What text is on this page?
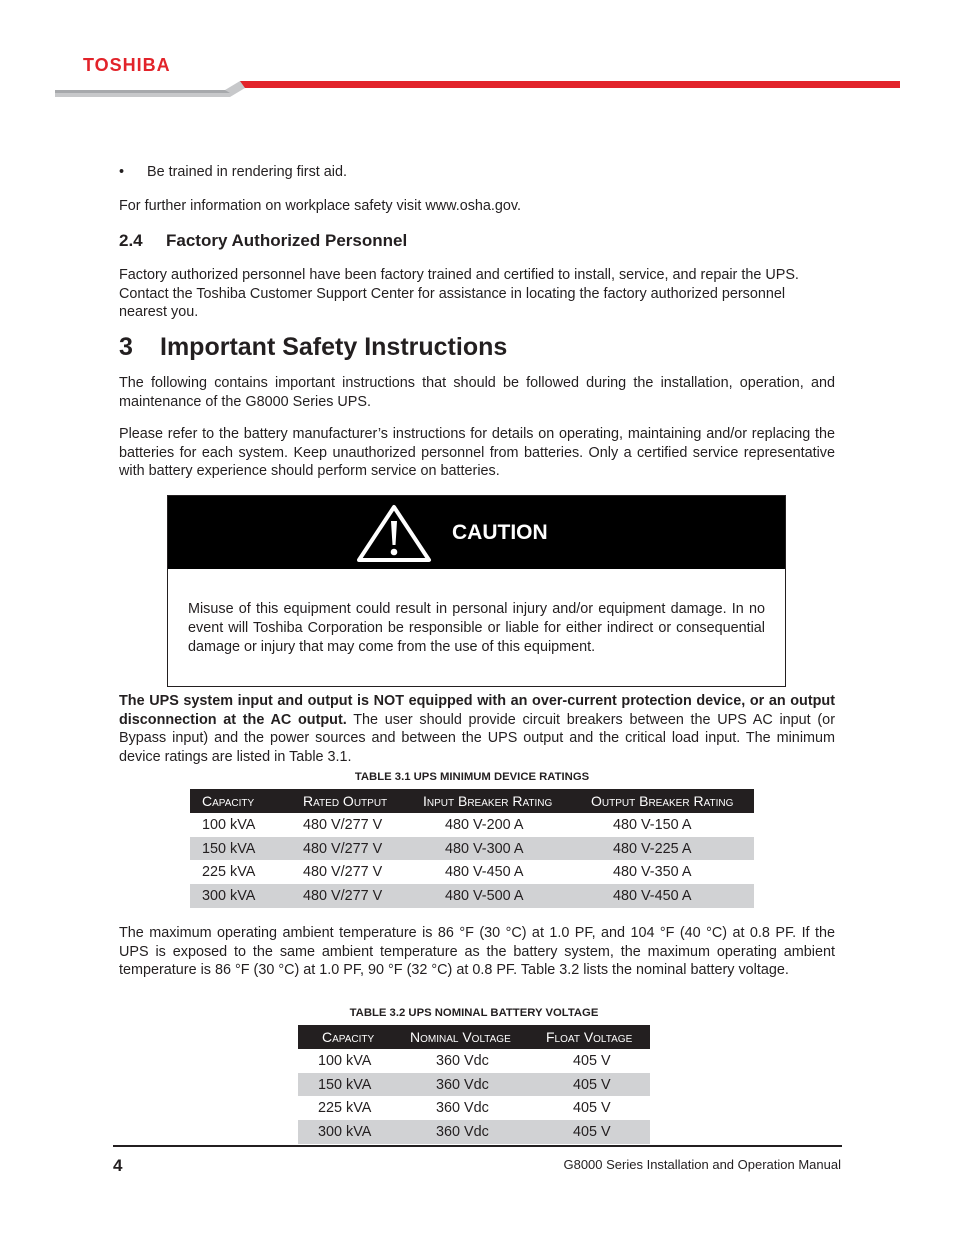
TOSHIBA
• Be trained in rendering first aid.
For further information on workplace safety visit www.osha.gov.
2.4 Factory Authorized Personnel
Factory authorized personnel have been factory trained and certified to install, service, and repair the UPS. Contact the Toshiba Customer Support Center for assistance in locating the factory authorized personnel nearest you.
3 Important Safety Instructions
The following contains important instructions that should be followed during the installation, operation, and maintenance of the G8000 Series UPS.
Please refer to the battery manufacturer’s instructions for details on operating, maintaining and/or replacing the batteries for each system. Keep unauthorized personnel from batteries. Only a certified service representative with battery experience should perform service on batteries.
CAUTION
Misuse of this equipment could result in personal injury and/or equipment damage. In no event will Toshiba Corporation be responsible or liable for either indirect or consequential damage or injury that may come from the use of this equipment.
The UPS system input and output is NOT equipped with an over-current protection device, or an output disconnection at the AC output. The user should provide circuit breakers between the UPS AC input (or Bypass input) and the power sources and between the UPS output and the critical load input. The minimum device ratings are listed in Table 3.1.
TABLE 3.1 UPS MINIMUM DEVICE RATINGS
Capacity	Rated Output	Input Breaker Rating	Output Breaker Rating
100 kVA	480 V/277 V	480 V-200 A	480 V-150 A
150 kVA	480 V/277 V	480 V-300 A	480 V-225 A
225 kVA	480 V/277 V	480 V-450 A	480 V-350 A
300 kVA	480 V/277 V	480 V-500 A	480 V-450 A
The maximum operating ambient temperature is 86 °F (30 °C) at 1.0 PF, and 104 °F (40 °C) at 0.8 PF. If the UPS is exposed to the same ambient temperature as the battery system, the maximum operating ambient temperature is 86 °F (30 °C) at 1.0 PF, 90 °F (32 °C) at 0.8 PF. Table 3.2 lists the nominal battery voltage.
TABLE 3.2 UPS NOMINAL BATTERY VOLTAGE
Capacity	Nominal Voltage	Float Voltage
100 kVA	360 Vdc	405 V
150 kVA	360 Vdc	405 V
225 kVA	360 Vdc	405 V
300 kVA	360 Vdc	405 V
4	G8000 Series Installation and Operation Manual
